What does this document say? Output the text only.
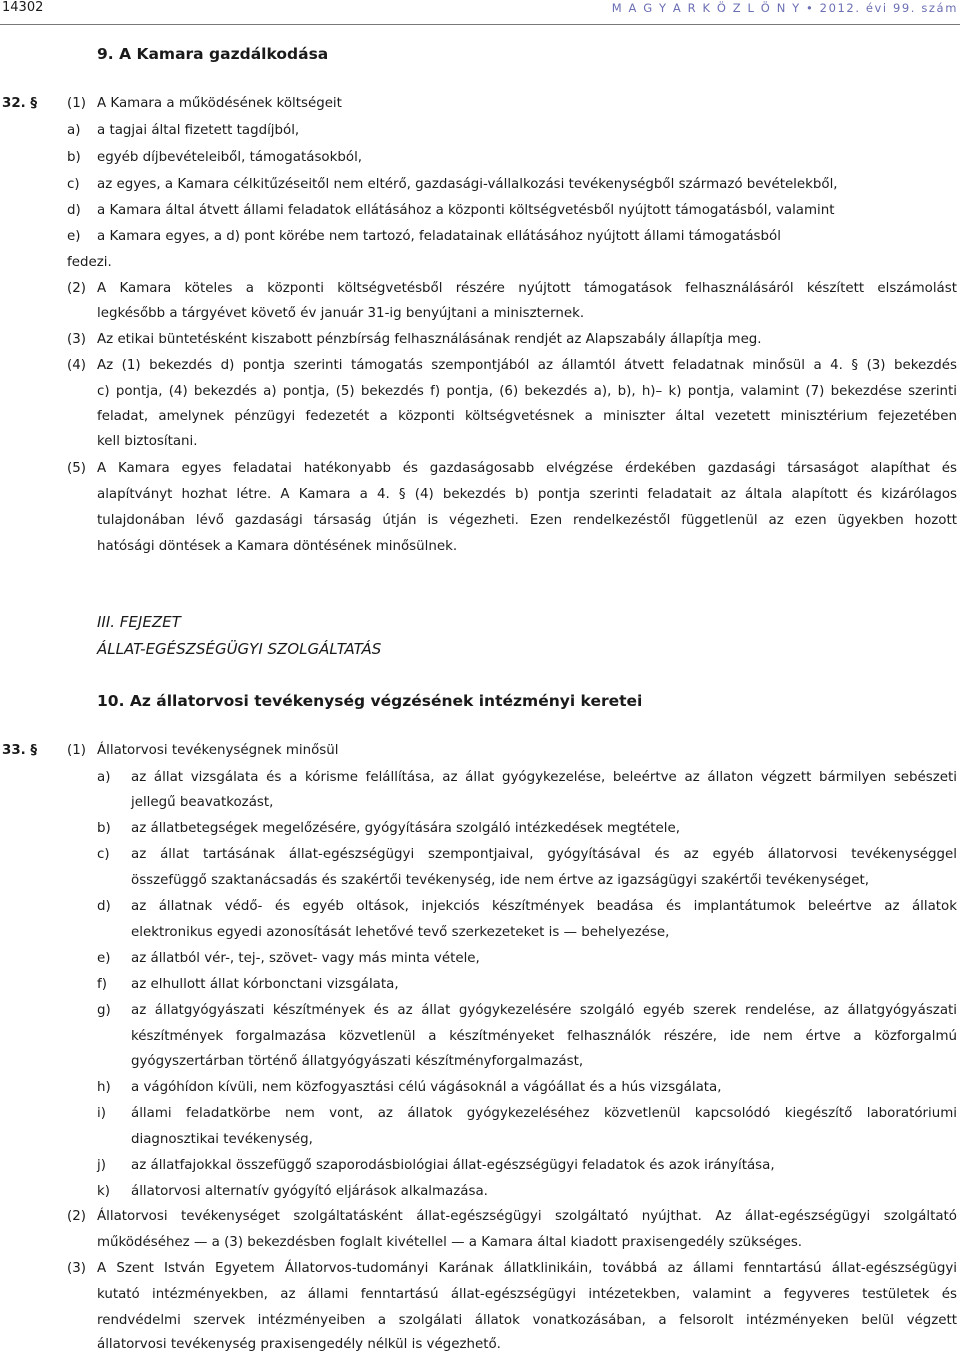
14302	M A G Y A R K Ö Z L Ö N Y • 2012. évi 99. szám
9. A Kamara gazdálkodása
32. § (1) A Kamara a működésének költségeit
a) a tagjai által fizetett tagdíjból,
b) egyéb díjbevételeiből, támogatásokból,
c) az egyes, a Kamara célkitűzéseitől nem eltérő, gazdasági-vállalkozási tevékenységből származó bevételekből,
d) a Kamara által átvett állami feladatok ellátásához a központi költségvetésből nyújtott támogatásból, valamint
e) a Kamara egyes, a d) pont körébe nem tartozó, feladatainak ellátásához nyújtott állami támogatásból
fedezi.
(2) A Kamara köteles a központi költségvetésből részére nyújtott támogatások felhasználásáról készített elszámolást
legkésőbb a tárgyévet követő év január 31-ig benyújtani a miniszternek.
(3) Az etikai büntetésként kiszabott pénzbírság felhasználásának rendjét az Alapszabály állapítja meg.
(4) Az (1) bekezdés d) pontja szerinti támogatás szempontjából az államtól átvett feladatnak minősül a 4. § (3) bekezdés
c) pontja, (4) bekezdés a) pontja, (5) bekezdés f) pontja, (6) bekezdés a), b), h)– k) pontja, valamint (7) bekezdése szerinti
feladat, amelynek pénzügyi fedezetét a központi költségvetésnek a miniszter által vezetett minisztérium fejezetében
kell biztosítani.
(5) A Kamara egyes feladatai hatékonyabb és gazdaságosabb elvégzése érdekében gazdasági társaságot alapíthat és
alapítványt hozhat létre. A Kamara a 4. § (4) bekezdés b) pontja szerinti feladatait az általa alapított és kizárólagos
tulajdonában lévő gazdasági társaság útján is végezheti. Ezen rendelkezéstől függetlenül az ezen ügyekben hozott
hatósági döntések a Kamara döntésének minősülnek.
III. FEJEZET
ÁLLAT-EGÉSZSÉGÜGYI SZOLGÁLTATÁS
10. Az állatorvosi tevékenység végzésének intézményi keretei
33. § (1) Állatorvosi tevékenységnek minősül
a) az állat vizsgálata és a kórisme felállítása, az állat gyógykezelése, beleértve az állaton végzett bármilyen sebészeti
jellegű beavatkozást,
b) az állatbetegségek megelőzésére, gyógyítására szolgáló intézkedések megtétele,
c) az állat tartásának állat-egészségügyi szempontjaival, gyógyításával és az egyéb állatorvosi tevékenységgel
összefüggő szaktanácsadás és szakértői tevékenység, ide nem értve az igazságügyi szakértői tevékenységet,
d) az állatnak védő- és egyéb oltások, injekciós készítmények beadása és implantátumok beleértve az állatok
elektronikus egyedi azonosítását lehetővé tevő szerkezeteket is — behelyezése,
e) az állatból vér-, tej-, szövet- vagy más minta vétele,
f) az elhullott állat kórbonctani vizsgálata,
g) az állatgyógyászati készítmények és az állat gyógykezelésére szolgáló egyéb szerek rendelése, az állatgyógyászati
készítmények forgalmazása közvetlenül a készítményeket felhasználók részére, ide nem értve a közforgalmú
gyógyszertárban történő állatgyógyászati készítményforgalmazást,
h) a vágóhídon kívüli, nem közfogyasztási célú vágásoknál a vágóállat és a hús vizsgálata,
i) állami feladatkörbe nem vont, az állatok gyógykezeléséhez közvetlenül kapcsolódó kiegészítő laboratóriumi
diagnosztikai tevékenység,
j) az állatfajokkal összefüggő szaporodásbiológiai állat-egészségügyi feladatok és azok irányítása,
k) állatorvosi alternatív gyógyító eljárások alkalmazása.
(2) Állatorvosi tevékenységet szolgáltatásként állat-egészségügyi szolgáltató nyújthat. Az állat-egészségügyi szolgáltató
működéséhez — a (3) bekezdésben foglalt kivétellel — a Kamara által kiadott praxisengedély szükséges.
(3) A Szent István Egyetem Állatorvos-tudományi Karának állatklinikáin, továbbá az állami fenntartású állat-egészségügyi
kutató intézményekben, az állami fenntartású állat-egészségügyi intézetekben, valamint a fegyveres testületek és
rendvédelmi szervek intézményeiben a szolgálati állatok vonatkozásában, a felsorolt intézményeken belül végzett
állatorvosi tevékenység praxisengedély nélkül is végezhető.
